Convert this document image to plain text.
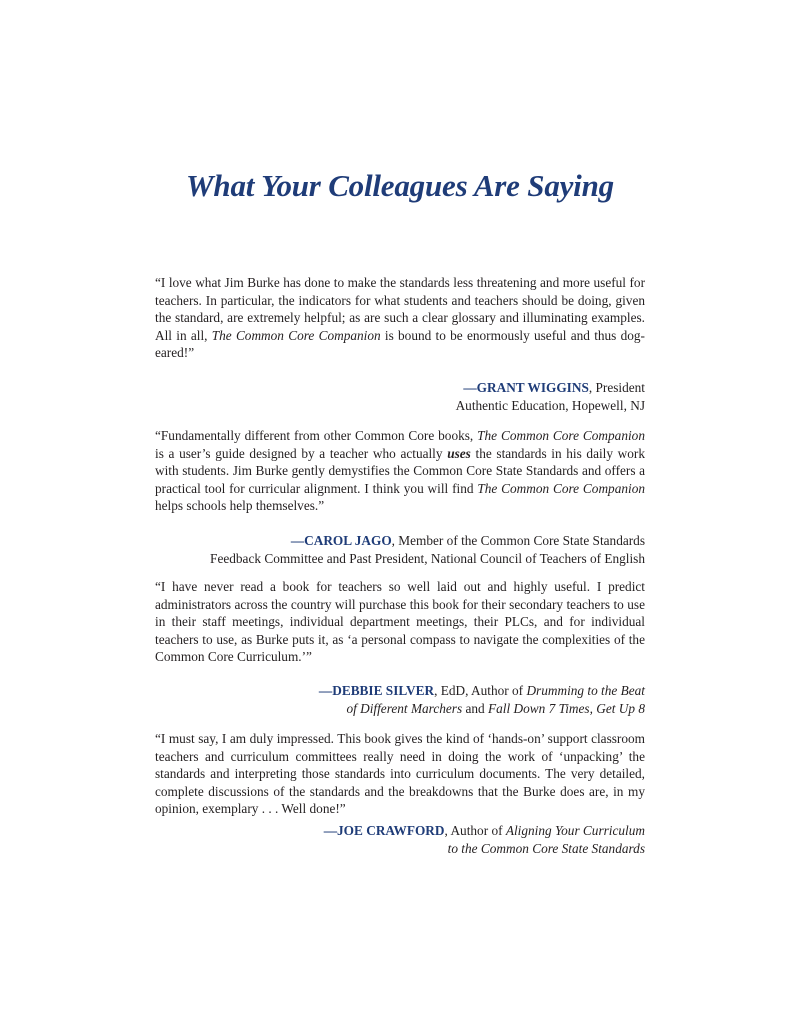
What Your Colleagues Are Saying

“I love what Jim Burke has done to make the standards less threatening and more useful for teachers. In particular, the indicators for what students and teachers should be doing, given the standard, are extremely helpful; as are such a clear glossary and illuminating examples. All in all, The Common Core Companion is bound to be enormously useful and thus dog-eared!”

—GRANT WIGGINS, President
Authentic Education, Hopewell, NJ

“Fundamentally different from other Common Core books, The Common Core Companion is a user’s guide designed by a teacher who actually uses the standards in his daily work with students. Jim Burke gently demystifies the Common Core State Standards and offers a practical tool for curricular alignment. I think you will find The Common Core Companion helps schools help themselves.”

—CAROL JAGO, Member of the Common Core State Standards
Feedback Committee and Past President, National Council of Teachers of English

“I have never read a book for teachers so well laid out and highly useful. I predict administrators across the country will purchase this book for their secondary teachers to use in their staff meetings, individual department meetings, their PLCs, and for individual teachers to use, as Burke puts it, as ‘a personal compass to navigate the complexities of the Common Core Curriculum.’”

—DEBBIE SILVER, EdD, Author of Drumming to the Beat
of Different Marchers and Fall Down 7 Times, Get Up 8

“I must say, I am duly impressed. This book gives the kind of ‘hands-on’ support classroom teachers and curriculum committees really need in doing the work of ‘unpacking’ the standards and interpreting those standards into curriculum documents. The very detailed, complete discussions of the standards and the breakdowns that the Burke does are, in my opinion, exemplary . . . Well done!”

—JOE CRAWFORD, Author of Aligning Your Curriculum
to the Common Core State Standards
